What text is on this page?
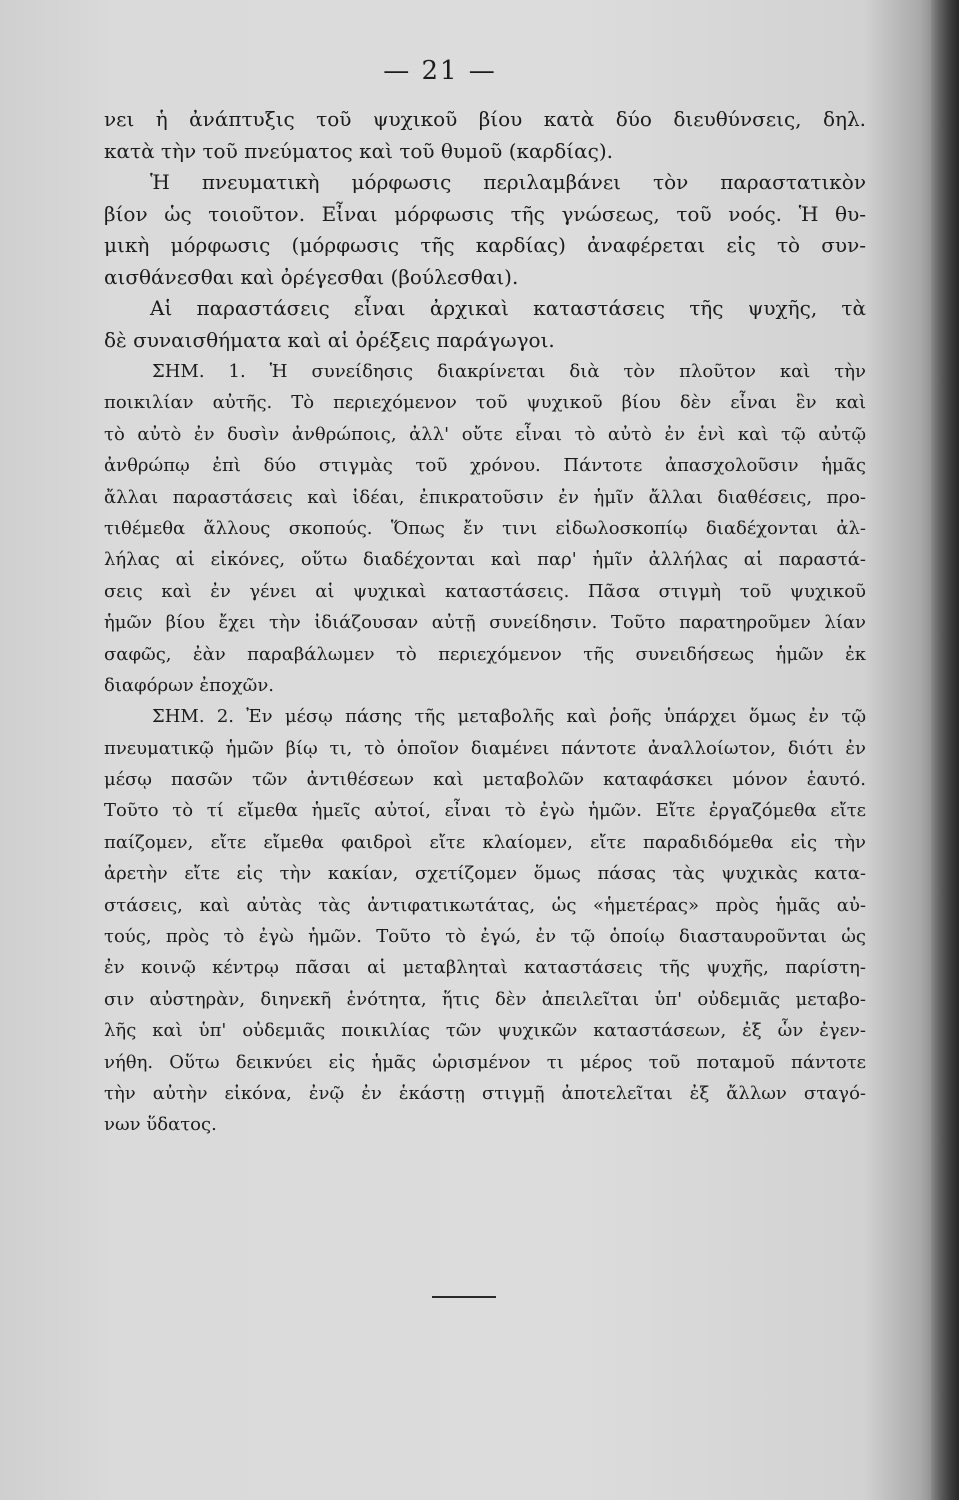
— 21 —
νει ἡ ἀνάπτυξις τοῦ ψυχικοῦ βίου κατὰ δύο διευθύνσεις, δηλ.
κατὰ τὴν τοῦ πνεύματος καὶ τοῦ θυμοῦ (καρδίας).
Ἡ πνευματικὴ μόρφωσις περιλαμβάνει τὸν παραστατικὸν
βίον ὡς τοιοῦτον. Εἶναι μόρφωσις τῆς γνώσεως, τοῦ νοός. Ἡ θυ-
μικὴ μόρφωσις (μόρφωσις τῆς καρδίας) ἀναφέρεται εἰς τὸ συν-
αισθάνεσθαι καὶ ὀρέγεσθαι (βούλεσθαι).
Αἱ παραστάσεις εἶναι ἀρχικαὶ καταστάσεις τῆς ψυχῆς, τὰ
δὲ συναισθήματα καὶ αἱ ὀρέξεις παράγωγοι.
ΣΗΜ. 1. Ἡ συνείδησις διακρίνεται διὰ τὸν πλοῦτον καὶ τὴν
ποικιλίαν αὐτῆς. Τὸ περιεχόμενον τοῦ ψυχικοῦ βίου δὲν εἶναι ἓν καὶ
τὸ αὐτὸ ἐν δυσὶν ἀνθρώποις, ἀλλ' οὔτε εἶναι τὸ αὐτὸ ἐν ἑνὶ καὶ τῷ αὐτῷ
ἀνθρώπῳ ἐπὶ δύο στιγμὰς τοῦ χρόνου. Πάντοτε ἀπασχολοῦσιν ἡμᾶς
ἄλλαι παραστάσεις καὶ ἰδέαι, ἐπικρατοῦσιν ἐν ἡμῖν ἄλλαι διαθέσεις, προ-
τιθέμεθα ἄλλους σκοπούς. Ὅπως ἔν τινι εἰδωλοσκοπίῳ διαδέχονται ἀλ-
λήλας αἱ εἰκόνες, οὕτω διαδέχονται καὶ παρ' ἡμῖν ἀλλήλας αἱ παραστά-
σεις καὶ ἐν γένει αἱ ψυχικαὶ καταστάσεις. Πᾶσα στιγμὴ τοῦ ψυχικοῦ
ἡμῶν βίου ἔχει τὴν ἰδιάζουσαν αὐτῇ συνείδησιν. Τοῦτο παρατηροῦμεν λίαν
σαφῶς, ἐὰν παραβάλωμεν τὸ περιεχόμενον τῆς συνειδήσεως ἡμῶν ἐκ
διαφόρων ἐποχῶν.
ΣΗΜ. 2. Ἐν μέσῳ πάσης τῆς μεταβολῆς καὶ ῥοῆς ὑπάρχει ὅμως ἐν τῷ
πνευματικῷ ἡμῶν βίῳ τι, τὸ ὁποῖον διαμένει πάντοτε ἀναλλοίωτον, διότι ἐν
μέσῳ πασῶν τῶν ἀντιθέσεων καὶ μεταβολῶν καταφάσκει μόνον ἑαυτό.
Τοῦτο τὸ τί εἴμεθα ἡμεῖς αὐτοί, εἶναι τὸ ἐγὼ ἡμῶν. Εἴτε ἐργαζόμεθα εἴτε
παίζομεν, εἴτε εἴμεθα φαιδροὶ εἴτε κλαίομεν, εἴτε παραδιδόμεθα εἰς τὴν
ἀρετὴν εἴτε εἰς τὴν κακίαν, σχετίζομεν ὅμως πάσας τὰς ψυχικὰς κατα-
στάσεις, καὶ αὐτὰς τὰς ἀντιφατικωτάτας, ὡς «ἡμετέρας» πρὸς ἡμᾶς αὐ-
τούς, πρὸς τὸ ἐγὼ ἡμῶν. Τοῦτο τὸ ἐγώ, ἐν τῷ ὁποίῳ διασταυροῦνται ὡς
ἐν κοινῷ κέντρῳ πᾶσαι αἱ μεταβληταὶ καταστάσεις τῆς ψυχῆς, παρίστη-
σιν αὐστηρὰν, διηνεκῆ ἑνότητα, ἥτις δὲν ἀπειλεῖται ὑπ' οὐδεμιᾶς μεταβο-
λῆς καὶ ὑπ' οὐδεμιᾶς ποικιλίας τῶν ψυχικῶν καταστάσεων, ἐξ ὧν ἐγεν-
νήθη. Οὕτω δεικνύει εἰς ἡμᾶς ὡρισμένον τι μέρος τοῦ ποταμοῦ πάντοτε
τὴν αὐτὴν εἰκόνα, ἐνῷ ἐν ἑκάστῃ στιγμῇ ἀποτελεῖται ἐξ ἄλλων σταγό-
νων ὕδατος.
